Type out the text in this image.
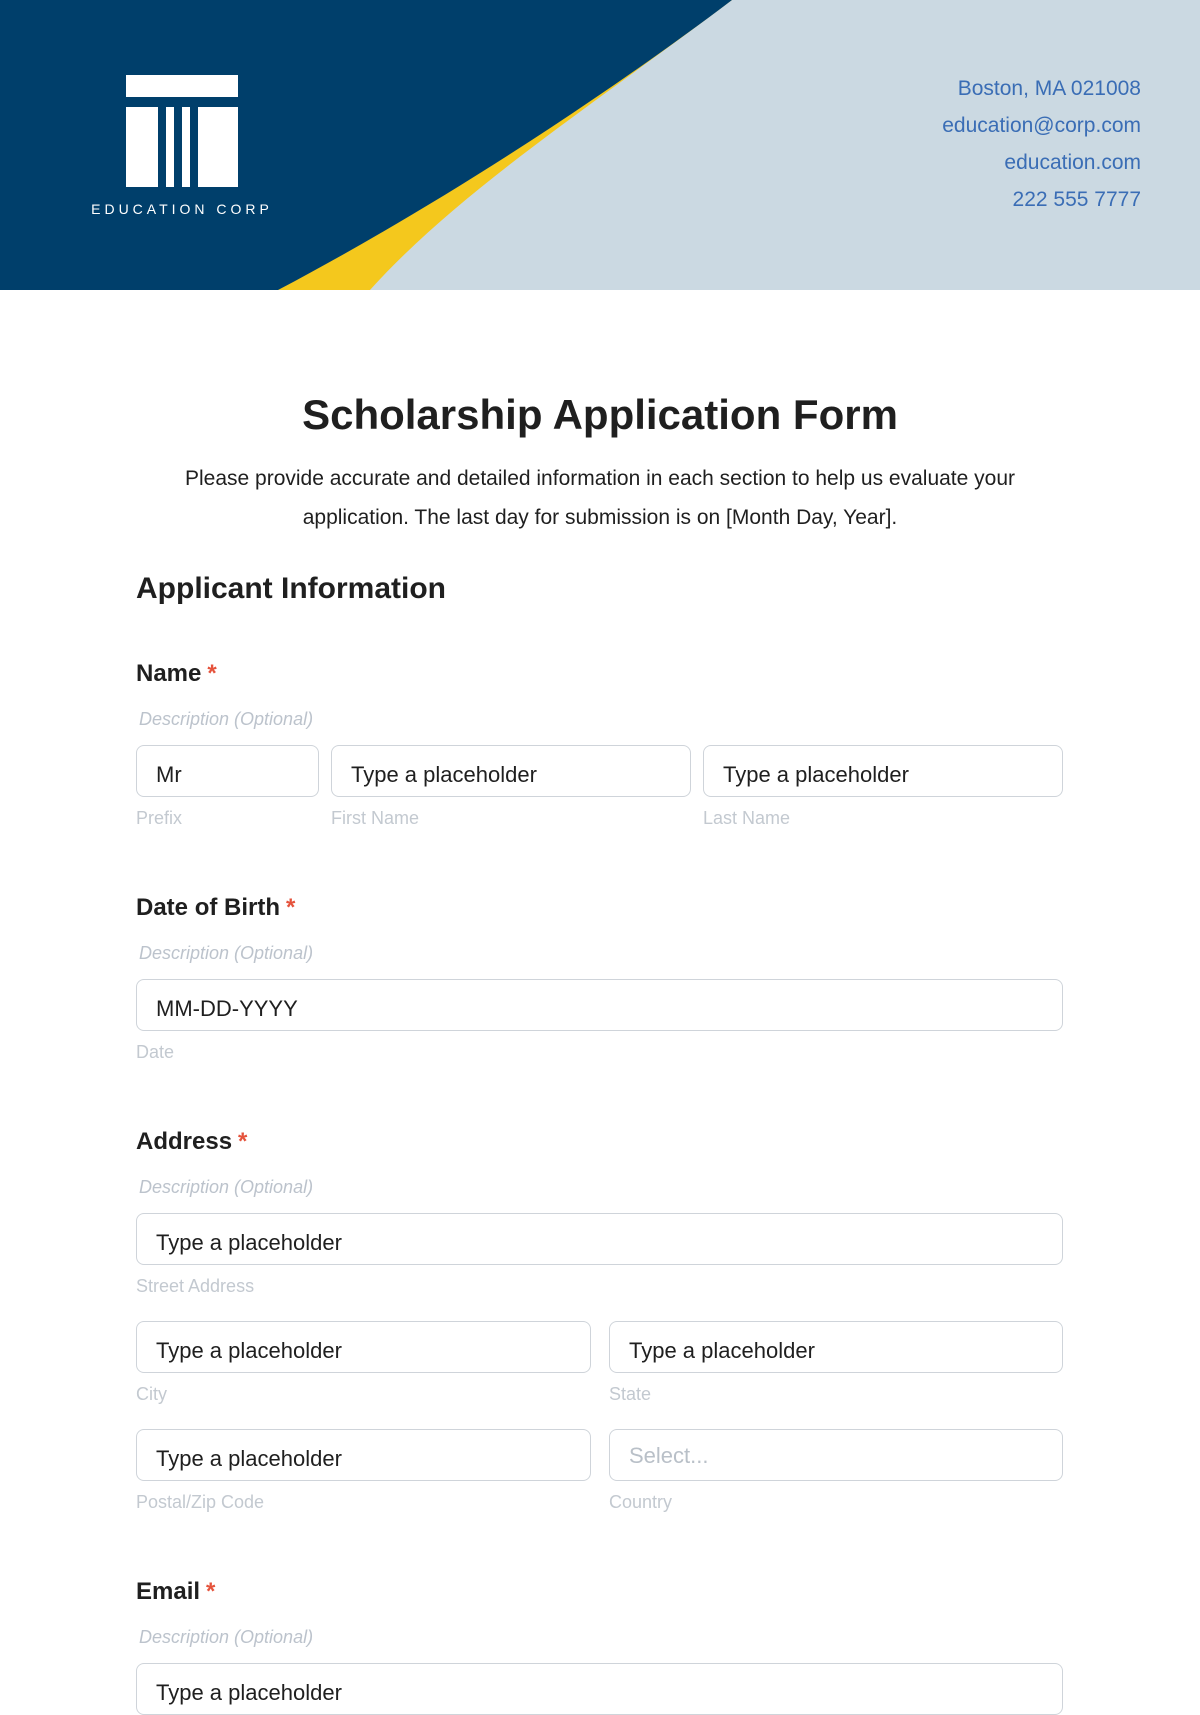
EDUCATION CORP
Boston, MA 021008
education@corp.com
education.com
222 555 7777
Scholarship Application Form
Please provide accurate and detailed information in each section to help us evaluate your application. The last day for submission is on [Month Day, Year].
Applicant Information
Name *
Description (Optional)
Mr
Prefix
Type a placeholder
First Name
Type a placeholder
Last Name
Date of Birth *
Description (Optional)
MM-DD-YYYY
Date
Address *
Description (Optional)
Type a placeholder
Street Address
Type a placeholder
City
Type a placeholder
State
Type a placeholder
Postal/Zip Code
Select...
Country
Email *
Description (Optional)
Type a placeholder
